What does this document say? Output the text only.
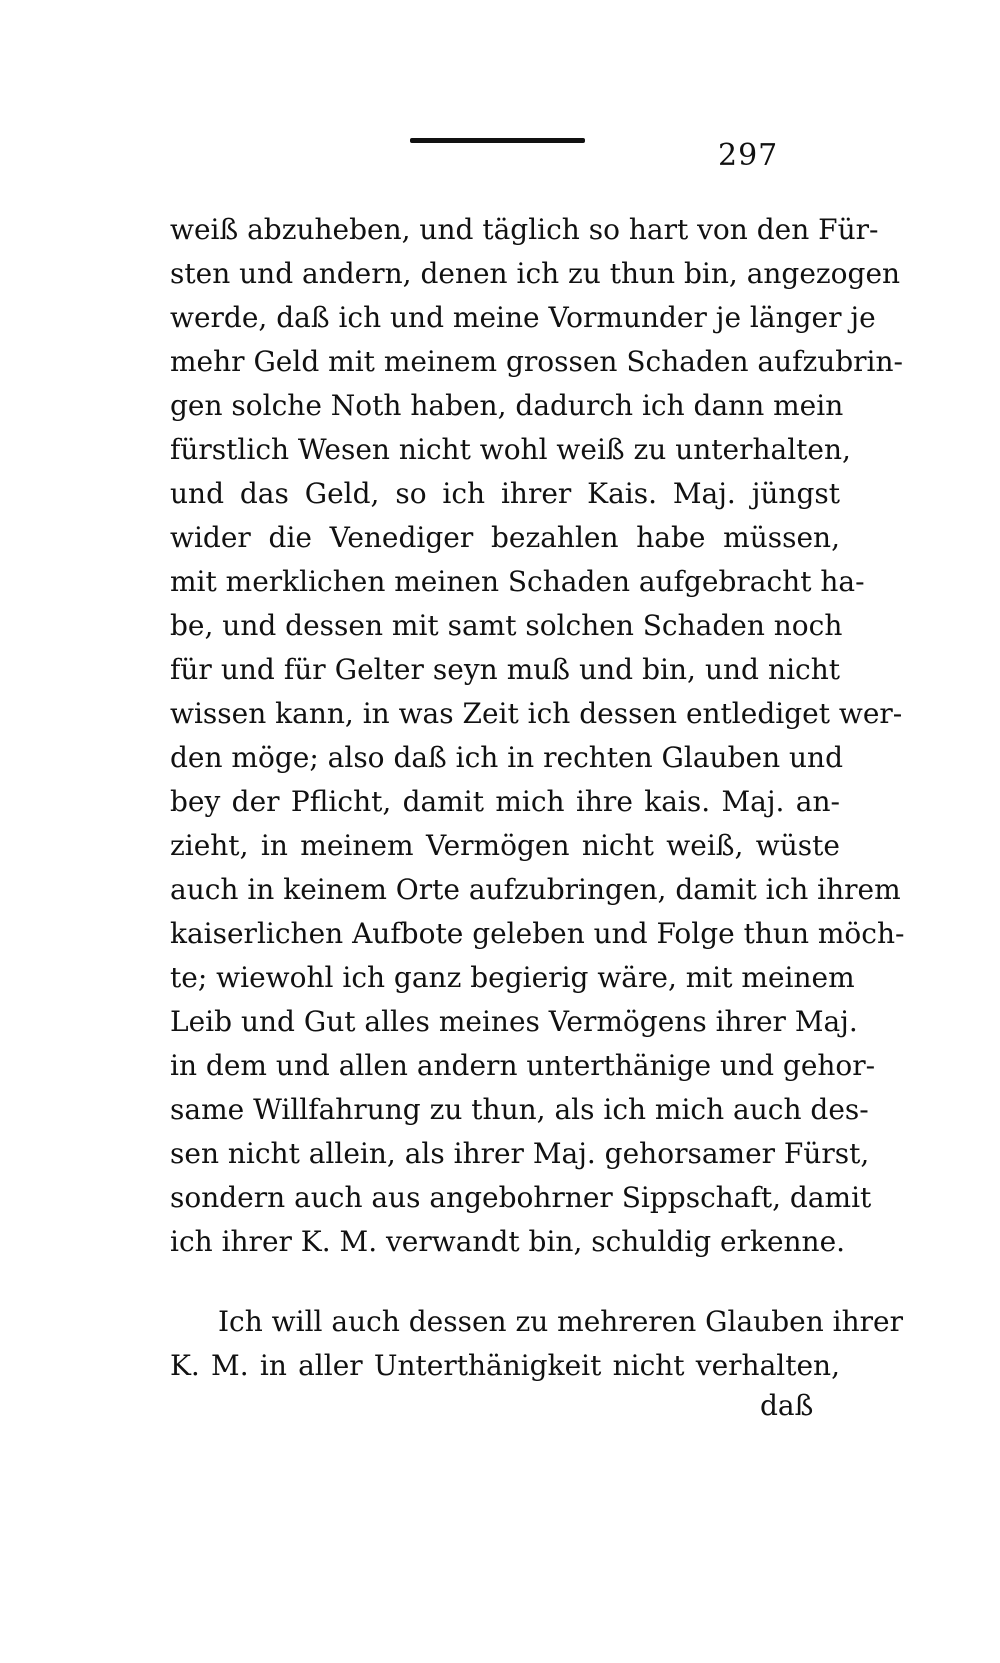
297
weiß abzuheben, und täglich so hart von den Für-
sten und andern, denen ich zu thun bin, angezogen
werde, daß ich und meine Vormunder je länger je
mehr Geld mit meinem grossen Schaden aufzubrin-
gen solche Noth haben, dadurch ich dann mein
fürstlich Wesen nicht wohl weiß zu unterhalten,
und das Geld, so ich ihrer Kais. Maj. jüngst
wider die Venediger bezahlen habe müssen,
mit merklichen meinen Schaden aufgebracht ha-
be, und dessen mit samt solchen Schaden noch
für und für Gelter seyn muß und bin, und nicht
wissen kann, in was Zeit ich dessen entlediget wer-
den möge; also daß ich in rechten Glauben und
bey der Pflicht, damit mich ihre kais. Maj. an-
zieht, in meinem Vermögen nicht weiß, wüste
auch in keinem Orte aufzubringen, damit ich ihrem
kaiserlichen Aufbote geleben und Folge thun möch-
te; wiewohl ich ganz begierig wäre, mit meinem
Leib und Gut alles meines Vermögens ihrer Maj.
in dem und allen andern unterthänige und gehor-
same Willfahrung zu thun, als ich mich auch des-
sen nicht allein, als ihrer Maj. gehorsamer Fürst,
sondern auch aus angebohrner Sippschaft, damit
ich ihrer K. M. verwandt bin, schuldig erkenne.
Ich will auch dessen zu mehreren Glauben ihrer
K. M. in aller Unterthänigkeit nicht verhalten,
daß
